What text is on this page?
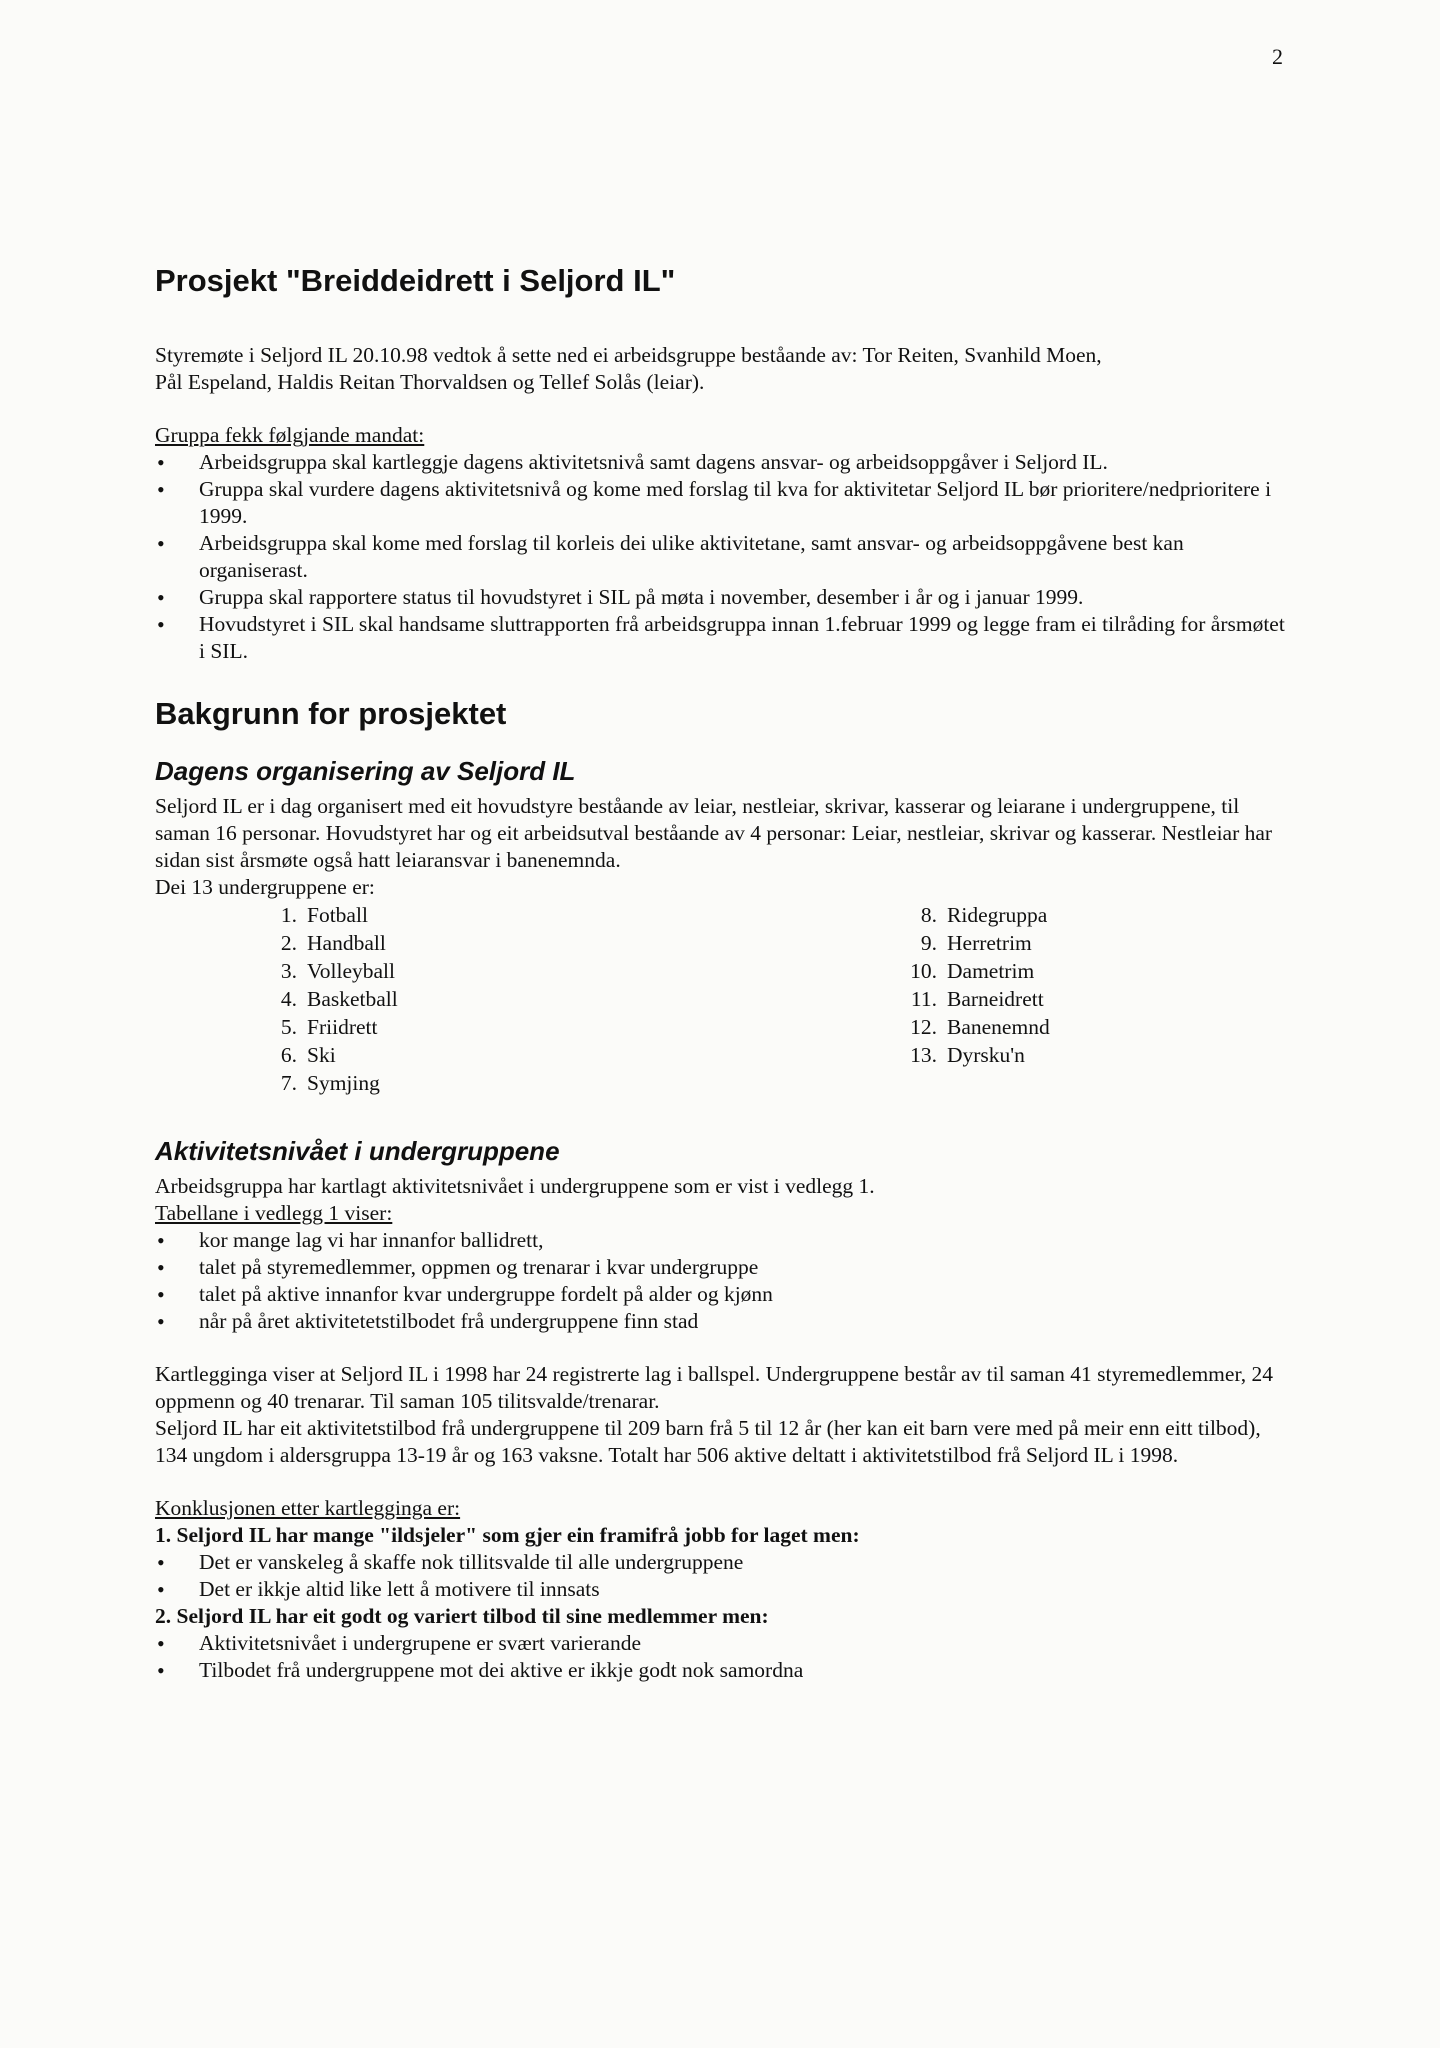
2
Prosjekt "Breiddeidrett i Seljord IL"

Styremøte i Seljord IL 20.10.98 vedtok å sette ned ei arbeidsgruppe beståande av: Tor Reiten, Svanhild Moen,

Pål Espeland, Haldis Reitan Thorvaldsen og Tellef Solås (leiar).

Gruppa fekk følgjande mandat:

• Arbeidsgruppa skal kartleggje dagens aktivitetsnivå samt dagens ansvar- og arbeidsoppgåver i Seljord IL.
• Gruppa skal vurdere dagens aktivitetsnivå og kome med forslag til kva for aktivitetar Seljord IL bør prioritere/nedprioritere i 1999.
• Arbeidsgruppa skal kome med forslag til korleis dei ulike aktivitetane, samt ansvar- og arbeidsoppgåvene best kan organiserast.
• Gruppa skal rapportere status til hovudstyret i SIL på møta i november, desember i år og i januar 1999.
• Hovudstyret i SIL skal handsame sluttrapporten frå arbeidsgruppa innan 1.februar 1999 og legge fram ei tilråding for årsmøtet i SIL.
Bakgrunn for prosjektet
Dagens organisering av Seljord IL

Seljord IL er i dag organisert med eit hovudstyre beståande av leiar, nestleiar, skrivar, kasserar og leiarane i undergruppene, til saman 16 personar. Hovudstyret har og eit arbeidsutval beståande av 4 personar: Leiar, nestleiar, skrivar og kasserar. Nestleiar har sidan sist årsmøte også hatt leiaransvar i banenemnda.

Dei 13 undergruppene er:

1. Fotball
2. Handball
3. Volleyball
4. Basketball
5. Friidrett
6. Ski
7. Symjing
8. Ridegruppa
9. Herretrim
10. Dametrim
11. Barneidrett
12. Banenemnd
13. Dyrsku'n
Aktivitetsnivået i undergruppene

Arbeidsgruppa har kartlagt aktivitetsnivået i undergruppene som er vist i vedlegg 1.

Tabellane i vedlegg 1 viser:

• kor mange lag vi har innanfor ballidrett,
• talet på styremedlemmer, oppmen og trenarar i kvar undergruppe
• talet på aktive innanfor kvar undergruppe fordelt på alder og kjønn
• når på året aktivitetetstilbodet frå undergruppene finn stad

Kartlegginga viser at Seljord IL i 1998 har 24 registrerte lag i ballspel. Undergruppene består av til saman 41 styremedlemmer, 24 oppmenn og 40 trenarar. Til saman 105 tilitsvalde/trenarar.

Seljord IL har eit aktivitetstilbod frå undergruppene til 209 barn frå 5 til 12 år (her kan eit barn vere med på meir enn eitt tilbod), 134 ungdom i aldersgruppa 13-19 år og 163 vaksne. Totalt har 506 aktive deltatt i aktivitetstilbod frå Seljord IL i 1998.

Konklusjonen etter kartlegginga er:

1. Seljord IL har mange "ildsjeler" som gjer ein framifrå jobb for laget men:

• Det er vanskeleg å skaffe nok tillitsvalde til alle undergruppene
• Det er ikkje altid like lett å motivere til innsats

2. Seljord IL har eit godt og variert tilbod til sine medlemmer men:

• Aktivitetsnivået i undergrupene er svært varierande
• Tilbodet frå undergruppene mot dei aktive er ikkje godt nok samordna
